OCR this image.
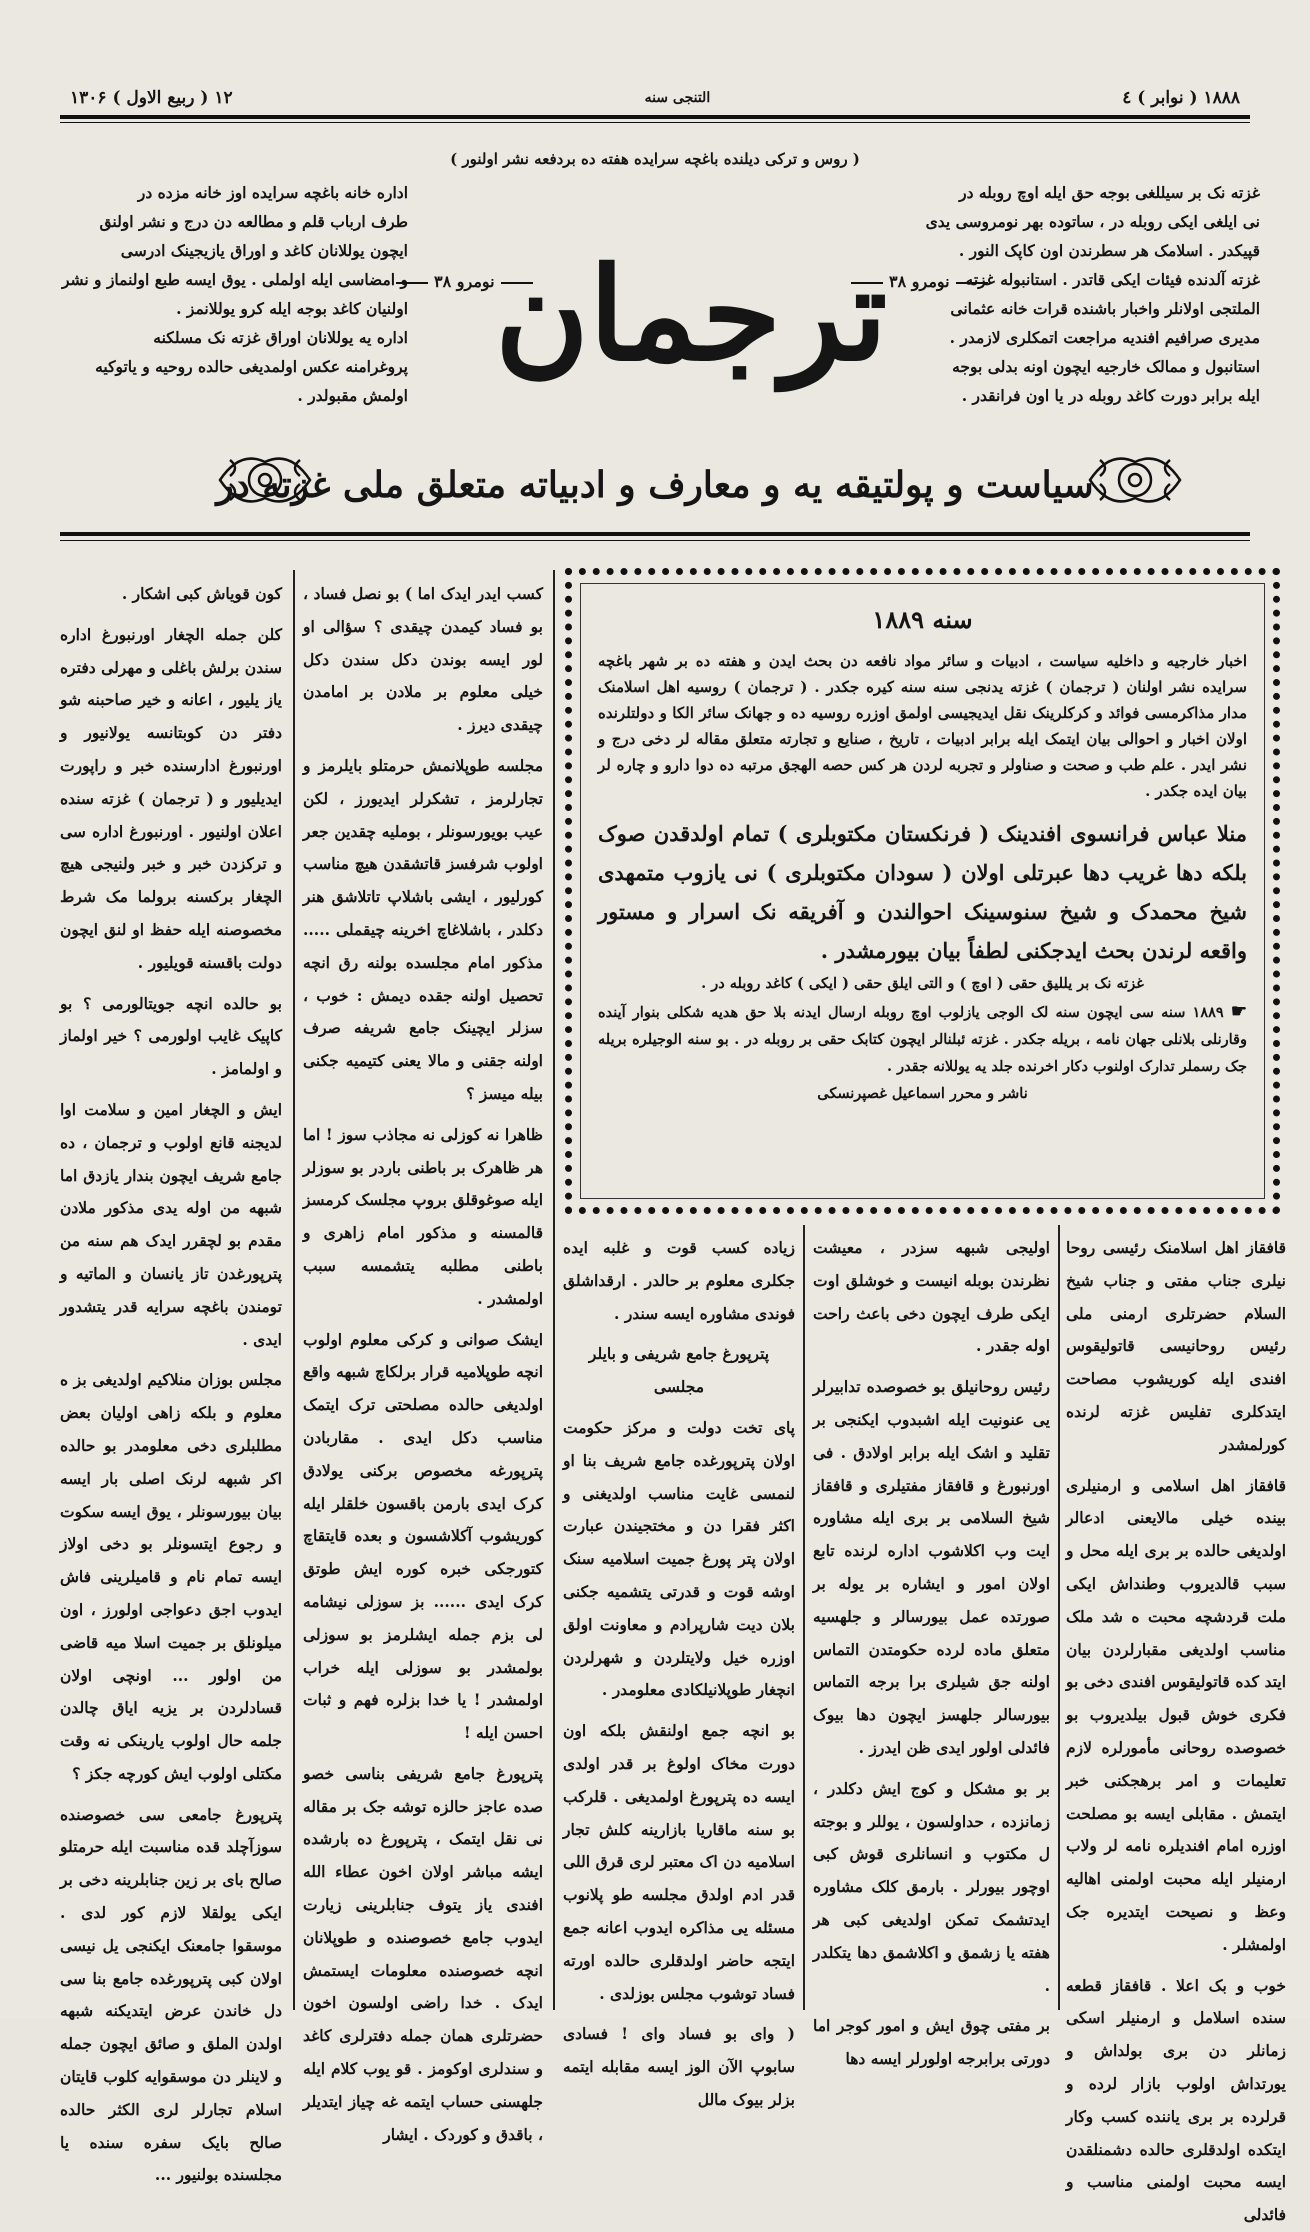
١٢ ( ربیع الاول ) ١٣٠۶	التنجی سنه	١٨٨٨ ( نوابر ) ٤
( روس و ترکی دیلنده باغچه سرایده هفته ده بردفعه نشر اولنور )
غزته نک بر سیللغی بوجه حق ایله اوچ روبله در
نی ایلغی ایکی روبله در ، ساتوده بهر نومروسی یدی
قپیکدر . اسلامک هر سطرندن اون کاپک النور .
غزته آلدنده فیئات ایکی قاتدر . استانبوله غزته
الملتجی اولانلر واخبار باشنده قرات خانه عثمانی
مدیری صرافیم افندیه مراجعت اتمکلری لازمدر .
استانبول و ممالک خارجیه ایچون اونه بدلی بوجه
ایله برابر دورت کاغد روبله در یا اون فرانقدر .
اداره خانه باغچه سرایده اوز خانه مزده در
طرف ارباب قلم و مطالعه دن درج و نشر اولنق
ایچون یوللانان کاغد و اوراق یازیجینک ادرسی
و امضاسی ایله اولملی . یوق ایسه طبع اولنماز و نشر
اولنیان کاغد بوجه ایله کرو یوللانمز .
اداره یه یوللانان اوراق غزته نک مسلکنه
پروغرامنه عکس اولمدیغی حالده روحیه و یاتوکیه
اولمش مقبولدر .
نومرو ٣٨	نومرو ٣٨
ترجمان
سیاست و پولتیقه یه و معارف و ادبیاته متعلق ملی غزته در

کون قویاش کبی اشکار .

کلن جمله الچغار اورنبورغ اداره سندن برلش باغلی و مهرلی دفتره یاز یلیور ، اعانه و خیر صاحبنه شو دفتر دن کوبتانسه یولانیور و اورنبورغ ادارسنده خبر و راپورت ایدیلیور و ( ترجمان ) غزته سنده اعلان اولنیور . اورنبورغ اداره سی و ترکزدن خبر و خبر ولنیجی هیچ الچغار برکسنه برولما مک شرط مخصوصنه ایله حفظ او لنق ایچون دولت باقسنه قویلیور .

بو حالده انچه جویتالورمی ؟ بو کاپیک غایب اولورمی ؟ خیر اولماز و اولمامز .

ایش و الچغار امین و سلامت اوا لدیجنه قانع اولوب و ترجمان ، ده جامع شریف ایچون بندار یازدق اما شبهه من اوله یدی مذکور ملادن مقدم بو لچقرر ایدک هم سنه من پترپورغدن تاز یانسان و الماتیه و تومندن باغچه سرایه قدر یتشدور ایدی .

مجلس بوزان منلاکیم اولدیغی بز ه معلوم و بلکه زاهی اولیان بعض مطلبلری دخی معلومدر بو حالده اکر شبهه لرنک اصلی بار ایسه بیان بیورسونلر ، یوق ایسه سکوت و رجوع ایتسونلر بو دخی اولاز ایسه تمام نام و قامیلرینی فاش ایدوب اجق دعواجی اولورز ، اون میلونلق بر جمیت اسلا میه قاضی من اولور ... اونچی اولان قسادلردن بر یزیه ایاق چالدن جلمه حال اولوب یارینکی نه وقت مکتلی اولوب ایش کورچه جکز ؟

پترپورغ جامعی سی خصوصنده سوزآچلد قده مناسبت ایله حرمتلو صالح بای بر زین جنابلرینه دخی بر ایکی یولقلا لازم کور لدی . موسقوا جامعنک ایکنجی یل نیسی اولان کبی پترپورغده جامع بنا سی دل خاندن عرض ایتدیکنه شبهه اولدن الملق و صائق ایچون جمله و لاینلر دن موسقوایه کلوب قایتان اسلام تجارلر لری الکثر حالده صالح بایک سفره سنده یا مجلسنده بولنیور ...

کسب ایدر ایدک اما ) بو نصل فساد ، بو فساد کیمدن چیقدی ؟ سؤالی او لور ایسه بوندن دکل سندن دکل خیلی معلوم بر ملادن بر امامدن چیقدی دیرز .

مجلسه طوپلانمش حرمتلو بایلرمز و تجارلرمز ، تشکرلر ایدیورز ، لکن عیب بویورسونلر ، بوملیه چقدین جعر اولوب شرفسز قاتشقدن هیچ مناسب کورلیور ، ایشی باشلاپ تاتلاشق هنر دکلدر ، باشلاغاچ اخرینه چیقملی ..... مذکور امام مجلسده بولنه رق انچه تحصیل اولنه جقده دیمش : خوب ، سزلر ایچینک جامع شریفه صرف اولنه جقنی و مالا یعنی کتیمیه جکنی بیله میسز ؟

ظاهرا نه کوزلی نه مجاذب سوز ! اما هر ظاهرک بر باطنی باردر بو سوزلر ایله صوغوقلق بروپ مجلسک کرمسز قالمسنه و مذکور امام زاهری و باطنی مطلبه یتشمسه سبب اولمشدر .

ایشک صوانی و کرکی معلوم اولوب انچه طوپلامیه قرار برلکاچ شبهه واقع اولدیغی حالده مصلحتی ترک ایتمک مناسب دکل ایدی . مقاربادن پترپورغه مخصوص برکنی یولادق کرک ایدی بارمن باقسون خلقلر ایله کوریشوب آکلاشسون و بعده قایتقاچ کتورجکی خبره کوره ایش طوتق کرک ایدی ...... بز سوزلی نیشامه لی بزم جمله ایشلرمز بو سوزلی بولمشدر بو سوزلی ایله خراب اولمشدر ! یا خدا بزلره فهم و ثبات احسن ایله !

پترپورغ جامع شریفی بناسی خصو صده عاجز حالزه توشه جک بر مقاله نی نقل ایتمک ، پترپورغ ده بارشده ایشه مباشر اولان اخون عطاء الله افندی یاز یتوف جنابلرینی زیارت ایدوب جامع خصوصنده و طوپلانان انچه خصوصنده معلومات ایستمش ایدک . خدا راضی اولسون اخون حضرتلری همان جمله دفترلری کاغد و سندلری اوکومز . قو یوب کلام ایله جلهسنی حساب ایتمه غه چیاز ایتدیلر ، باقدق و کوردک . ایشار

سنه ١٨٨٩
اخبار خارجیه و داخلیه سیاست ، ادبیات و سائر مواد نافعه دن بحث ایدن و هفته ده بر شهر باغچه سرایده نشر اولنان ( ترجمان ) غزته یدنجی سنه سنه کیره جکدر . ( ترجمان ) روسیه اهل اسلامنک مدار مذاکرمسی فوائد و کرکلرینک نقل ایدیجیسی اولمق اوزره روسیه ده و جهانک سائر الکا و دولتلرنده اولان اخبار و احوالی بیان ایتمک ایله برابر ادبیات ، تاریخ ، صنایع و تجارته متعلق مقاله لر دخی درج و نشر ایدر . علم طب و صحت و صناولر و تجربه لردن هر کس حصه الهجق مرتبه ده دوا دارو و چاره لر بیان ایده جکدر .
منلا عباس فرانسوی افندینک ( فرنکستان مکتوبلری ) تمام اولدقدن صوک بلکه دها غریب دها عبرتلی اولان ( سودان مکتوبلری ) نی یازوب متمهدی شیخ محمدک و شیخ سنوسینک احوالندن و آفریقه نک اسرار و مستور واقعه لرندن بحث ایدجکنی لطفاً بیان بیورمشدر .
غزته نک بر یللیق حقی ( اوچ ) و التی ایلق حقی ( ایکی ) کاغد روبله در .
☛ ١٨٨٩ سنه سی ایچون سنه لک الوجی یازلوب اوچ روبله ارسال ایدنه بلا حق هدیه شکلی بنوار آینده وقارنلی بلانلی جهان نامه ، بریله جکدر . غزته ئبلنالر ایچون کتابک حقی بر روبله در . بو سنه الوجیلره بریله جک رسملر تدارک اولنوب دکار اخرنده جلد یه یوللانه جقدر .
ناشر و محرر اسماعیل غصپرنسکی

زیاده کسب قوت و غلبه ایده جکلری معلوم بر حالدر . ارقداشلق فوندی مشاوره ایسه سندر .

پترپورغ جامع شریفی و بایلر مجلسی

پای تخت دولت و مرکز حکومت اولان پترپورغده جامع شریف بنا او لنمسی غایت مناسب اولدیغنی و اکثر فقرا دن و مختجیندن عبارت اولان پتر پورغ جمیت اسلامیه سنک اوشه قوت و قدرتی یتشمیه جکنی بلان دیت شارپرادم و معاونت اولق اوزره خیل ولایتلردن و شهرلردن انچغار طوپلانیلکادی معلومدر .

بو انچه جمع اولنقش بلکه اون دورت مخاک اولوغ بر قدر اولدی ایسه ده پترپورغ اولمدیغی . قلرکب بو سنه ماقاریا بازارینه کلش تجار اسلامیه دن اک معتبر لری قرق اللی قدر ادم اولدق مجلسه طو پلانوب مسئله یی مذاکره ایدوب اعانه جمع ایتجه حاضر اولدقلری حالده اورته فساد توشوب مجلس بوزلدی .

( وای بو فساد وای ! فسادی سابوپ الآن الوز ایسه مقابله ایتمه بزلر بیوک مالل

اولیجی شبهه سزدر ، معیشت نظرندن بوبله انیست و خوشلق اوت ایکی طرف ایچون دخی باعث راحت اوله جقدر .

رئیس روحانیلق بو خصوصده تدابیرلر یی عنونیت ایله اشبدوب ایکنجی بر تقلید و اشک ایله برابر اولادق . فی اورنبورغ و قافقاز مفتیلری و قافقاز شیخ السلامی بر بری ایله مشاوره ایت وب اکلاشوب اداره لرنده تابع اولان امور و ایشاره بر یوله بر صورتده عمل بیورسالر و جلهسیه متعلق ماده لرده حکومتدن التماس اولنه جق شیلری برا برجه التماس بیورسالر جلهسز ایچون دها بیوک فائدلی اولور ایدی ظن ایدرز .

بر بو مشکل و کوج ایش دکلدر ، زمانزده ، حداولسون ، یوللر و بوجته ل مکتوب و انسانلری قوش کبی اوچور بیورلر . بارمق کلک مشاوره ایدتشمک تمکن اولدیغی کبی هر هفته یا زشمق و اکلاشمق دها یتکلدر .

بر مفتی چوق ایش و امور کوجر اما دورتی برابرجه اولورلر ایسه دها

قافقاز اهل اسلامنک رئیسی روحا نیلری جناب مفتی و جناب شیخ السلام حضرتلری ارمنی ملی رئیس روحانیسی قاتولیقوس افندی ایله کوریشوب مصاحت ایتدکلری تفلیس غزته لرنده کورلمشدر

قافقاز اهل اسلامی و ارمنیلری بینده خیلی مالایعنی ادعالر اولدیغی حالده بر بری ایله محل و سبب قالدیروب وطنداش ایکی ملت قردشچه محبت ه شد ملک مناسب اولدیغی مقبارلردن بیان ایتد کده قاتولیقوس افندی دخی بو فکری خوش قبول بیلدیروب بو خصوصده روحانی مأمورلره لازم تعلیمات و امر برهجکنی خبر ایتمش . مقابلی ایسه بو مصلحت اوزره امام افندیلره نامه لر ولاب ارمنیلر ایله محبت اولمنی اهالیه وعظ و نصیحت ایتدیره جک اولمشلر .

خوب و بک اعلا . قافقاز قطعه سنده اسلامل و ارمنیلر اسکی زمانلر دن بری بولداش و یورتداش اولوب بازار لرده و قرلرده بر بری یاننده کسب وکار ایتکده اولدقلری حالده دشمنلقدن ایسه محبت اولمنی مناسب و فائدلی
